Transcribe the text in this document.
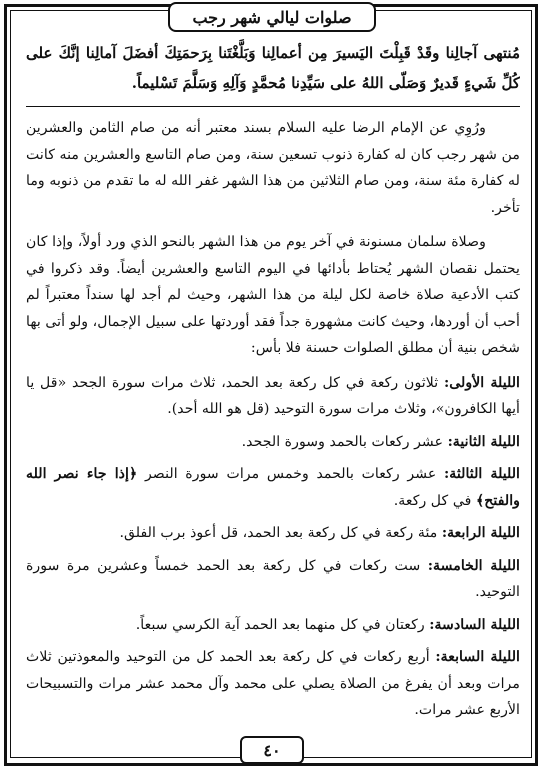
صلوات ليالي شهر رجب

مُنتهى آجالِنا وقَدْ قَبِلْتَ اليَسيرَ مِن أعمالِنا وَبَلَّغْتَنا بِرَحمَتِكَ أفضَلَ آمالِنا إنَّكَ على كُلِّ شَيءٍ قَديرٌ وَصَلّى اللهُ على سَيِّدِنا مُحمَّدٍ وَآلِهِ وَسَلَّمَ تَسْليماً.

ورُوِي عن الإمام الرضا عليه السلام بسند معتبر أنه من صام الثامن والعشرين من شهر رجب كان له كفارة ذنوب تسعين سنة، ومن صام التاسع والعشرين منه كانت له كفارة مئة سنة، ومن صام الثلاثين من هذا الشهر غفر الله له ما تقدم من ذنوبه وما تأخر.

وصلاة سلمان مسنونة في آخر يوم من هذا الشهر بالنحو الذي ورد أولاً، وإذا كان يحتمل نقصان الشهر يُحتاط بأدائها في اليوم التاسع والعشرين أيضاً. وقد ذكروا في كتب الأدعية صلاة خاصة لكل ليلة من هذا الشهر، وحيث لم أجد لها سنداً معتبراً لم أحب أن أوردها، وحيث كانت مشهورة جداً فقد أوردتها على سبيل الإجمال، ولو أتى بها شخص بنية أن مطلق الصلوات حسنة فلا بأس:

الليلة الأولى: ثلاثون ركعة في كل ركعة بعد الحمد، ثلاث مرات سورة الجحد «قل يا أيها الكافرون»، وثلاث مرات سورة التوحيد (قل هو الله أحد).

الليلة الثانية: عشر ركعات بالحمد وسورة الجحد.

الليلة الثالثة: عشر ركعات بالحمد وخمس مرات سورة النصر ﴿إذا جاء نصر الله والفتح﴾ في كل ركعة.

الليلة الرابعة: مئة ركعة في كل ركعة بعد الحمد، قل أعوذ برب الفلق.

الليلة الخامسة: ست ركعات في كل ركعة بعد الحمد خمساً وعشرين مرة سورة التوحيد.

الليلة السادسة: ركعتان في كل منهما بعد الحمد آية الكرسي سبعاً.

الليلة السابعة: أربع ركعات في كل ركعة بعد الحمد كل من التوحيد والمعوذتين ثلاث مرات وبعد أن يفرغ من الصلاة يصلي على محمد وآل محمد عشر مرات والتسبيحات الأربع عشر مرات.

٤٠
